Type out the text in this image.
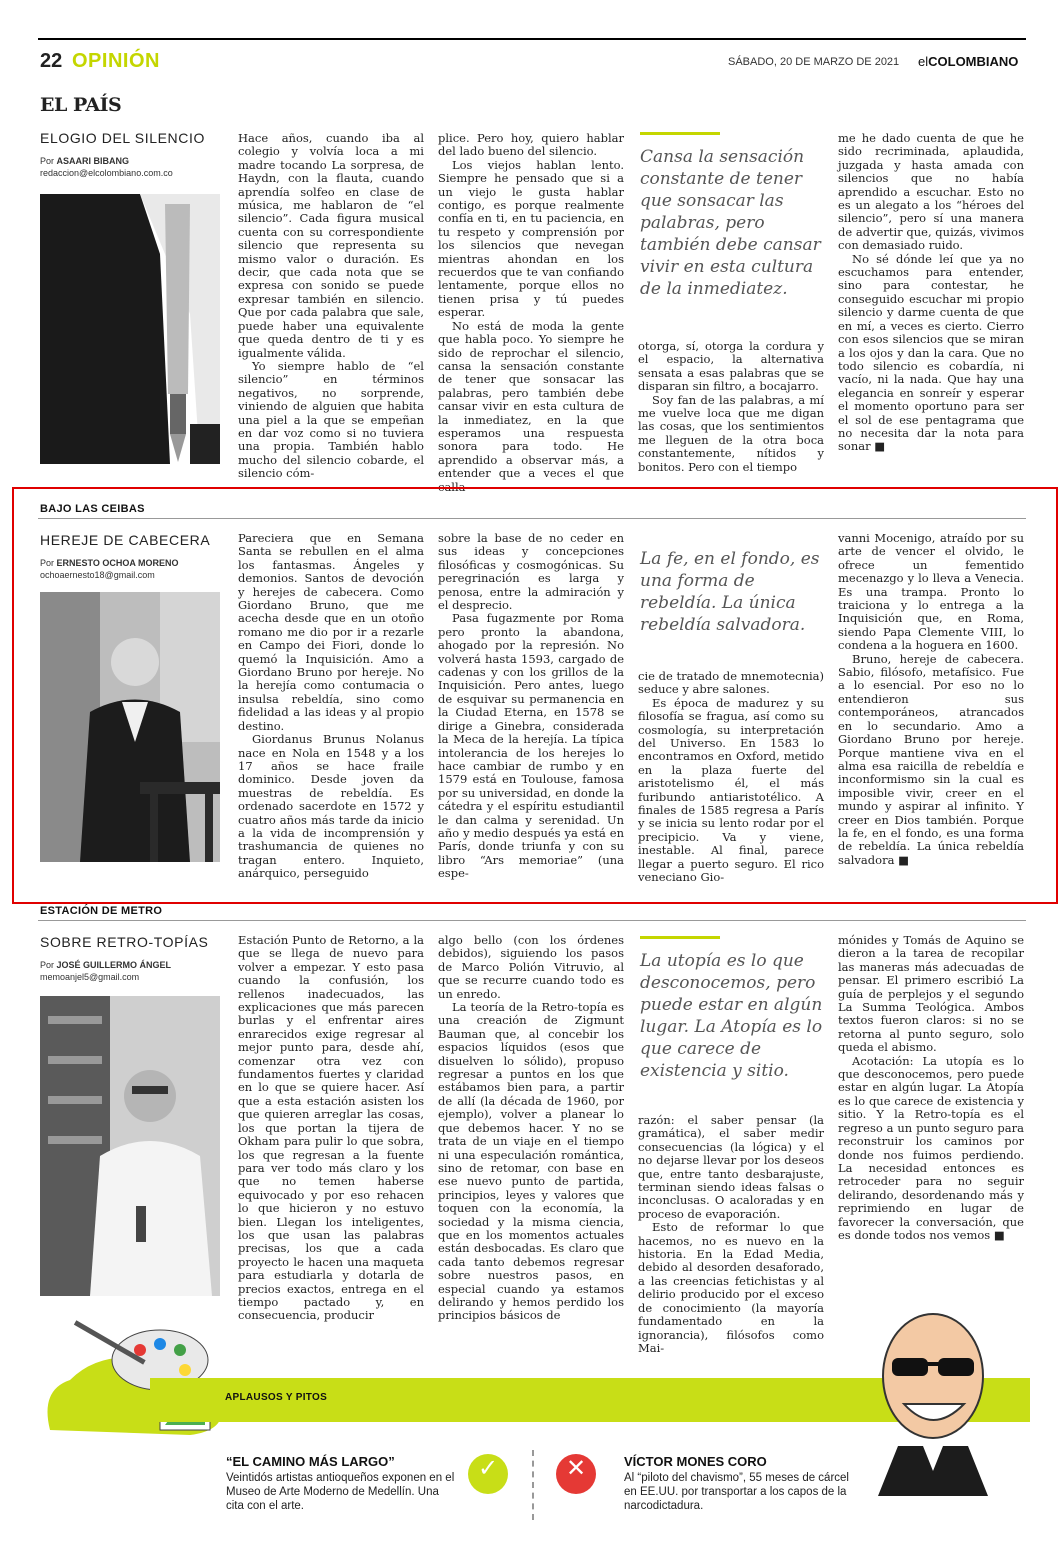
22 OPINIÓN	SÁBADO, 20 DE MARZO DE 2021 elCOLOMBIANO
EL PAÍS
ELOGIO DEL SILENCIO
Por ASAARI BIBANG
redaccion@elcolombiano.com.co

Hace años, cuando iba al colegio y volvía loca a mi madre tocando La sorpresa, de Haydn, con la flauta, cuando aprendía solfeo en clase de música, me hablaron de “el silencio”. Cada figura musical cuenta con su correspondiente silencio que representa su mismo valor o duración. Es decir, que cada nota que se expresa con sonido se puede expresar también en silencio. Que por cada palabra que sale, puede haber una equivalente que queda dentro de ti y es igualmente válida.

Yo siempre hablo de “el silencio” en términos negativos, no sorprende, viniendo de alguien que habita una piel a la que se empeñan en dar voz como si no tuviera una propia. También hablo mucho del silencio cobarde, el silencio cóm-

plice. Pero hoy, quiero hablar del lado bueno del silencio.

Los viejos hablan lento. Siempre he pensado que si a un viejo le gusta hablar contigo, es porque realmente confía en ti, en tu paciencia, en tu respeto y comprensión por los silencios que nevegan mientras ahondan en los recuerdos que te van confiando lentamente, porque ellos no tienen prisa y tú puedes esperar.

No está de moda la gente que habla poco. Yo siempre he sido de reprochar el silencio, cansa la sensación constante de tener que sonsacar las palabras, pero también debe cansar vivir en esta cultura de la inmediatez, en la que esperamos una respuesta sonora para todo. He aprendido a observar más, a entender que a veces el que calla

Cansa la sensación constante de tener que sonsacar las palabras, pero también debe cansar vivir en esta cultura de la inmediatez.

otorga, sí, otorga la cordura y el espacio, la alternativa sensata a esas palabras que se disparan sin filtro, a bocajarro.

Soy fan de las palabras, a mí me vuelve loca que me digan las cosas, que los sentimientos me lleguen de la otra boca constantemente, nítidos y bonitos. Pero con el tiempo

me he dado cuenta de que he sido recriminada, aplaudida, juzgada y hasta amada con silencios que no había aprendido a escuchar. Esto no es un alegato a los “héroes del silencio”, pero sí una manera de advertir que, quizás, vivimos con demasiado ruido.

No sé dónde leí que ya no escuchamos para entender, sino para contestar, he conseguido escuchar mi propio silencio y darme cuenta de que en mí, a veces es cierto. Cierro con esos silencios que se miran a los ojos y dan la cara. Que no todo silencio es cobardía, ni vacío, ni la nada. Que hay una elegancia en sonreír y esperar el momento oportuno para ser el sol de ese pentagrama que no necesita dar la nota para sonar ■

BAJO LAS CEIBAS
HEREJE DE CABECERA
Por ERNESTO OCHOA MORENO
ochoaernesto18@gmail.com

Pareciera que en Semana Santa se rebullen en el alma los fantasmas. Ángeles y demonios. Santos de devoción y herejes de cabecera. Como Giordano Bruno, que me acecha desde que en un otoño romano me dio por ir a rezarle en Campo dei Fiori, donde lo quemó la Inquisición. Amo a Giordano Bruno por hereje. No la herejía como contumacia o insulsa rebeldía, sino como fidelidad a las ideas y al propio destino.

Giordanus Brunus Nolanus nace en Nola en 1548 y a los 17 años se hace fraile dominico. Desde joven da muestras de rebeldía. Es ordenado sacerdote en 1572 y cuatro años más tarde da inicio a la vida de incomprensión y trashumancia de quienes no tragan entero. Inquieto, anárquico, perseguido

sobre la base de no ceder en sus ideas y concepciones filosóficas y cosmogónicas. Su peregrinación es larga y penosa, entre la admiración y el desprecio.

Pasa fugazmente por Roma pero pronto la abandona, ahogado por la represión. No volverá hasta 1593, cargado de cadenas y con los grillos de la Inquisición. Pero antes, luego de esquivar su permanencia en la Ciudad Eterna, en 1578 se dirige a Ginebra, considerada la Meca de la herejía. La típica intolerancia de los herejes lo hace cambiar de rumbo y en 1579 está en Toulouse, famosa por su universidad, en donde la cátedra y el espíritu estudiantil le dan calma y serenidad. Un año y medio después ya está en París, donde triunfa y con su libro “Ars memoriae” (una espe-

La fe, en el fondo, es una forma de rebeldía. La única rebeldía salvadora.

cie de tratado de mnemotecnia) seduce y abre salones.

Es época de madurez y su filosofía se fragua, así como su cosmología, su interpretación del Universo. En 1583 lo encontramos en Oxford, metido en la plaza fuerte del aristotelismo él, el más furibundo antiaristotélico. A finales de 1585 regresa a París y se inicia su lento rodar por el precipicio. Va y viene, inestable. Al final, parece llegar a puerto seguro. El rico veneciano Gio-

vanni Mocenigo, atraído por su arte de vencer el olvido, le ofrece un fementido mecenazgo y lo lleva a Venecia. Es una trampa. Pronto lo traiciona y lo entrega a la Inquisición que, en Roma, siendo Papa Clemente VIII, lo condena a la hoguera en 1600.

Bruno, hereje de cabecera. Sabio, filósofo, metafísico. Fue a lo esencial. Por eso no lo entendieron sus contemporáneos, atrancados en lo secundario. Amo a Giordano Bruno por hereje. Porque mantiene viva en el alma esa raicilla de rebeldía e inconformismo sin la cual es imposible vivir, creer en el mundo y aspirar al infinito. Y creer en Dios también. Porque la fe, en el fondo, es una forma de rebeldía. La única rebeldía salvadora ■

ESTACIÓN DE METRO
SOBRE RETRO-TOPÍAS
Por JOSÉ GUILLERMO ÁNGEL
memoanjel5@gmail.com

Estación Punto de Retorno, a la que se llega de nuevo para volver a empezar. Y esto pasa cuando la confusión, los rellenos inadecuados, las explicaciones que más parecen burlas y el enfrentar aires enrarecidos exige regresar al mejor punto para, desde ahí, comenzar otra vez con fundamentos fuertes y claridad en lo que se quiere hacer. Así que a esta estación asisten los que quieren arreglar las cosas, los que portan la tijera de Okham para pulir lo que sobra, los que regresan a la fuente para ver todo más claro y los que no temen haberse equivocado y por eso rehacen lo que hicieron y no estuvo bien. Llegan los inteligentes, los que usan las palabras precisas, los que a cada proyecto le hacen una maqueta para estudiarla y dotarla de precios exactos, entrega en el tiempo pactado y, en consecuencia, producir

algo bello (con los órdenes debidos), siguiendo los pasos de Marco Polión Vitruvio, al que se recurre cuando todo es un enredo.

La teoría de la Retro-topía es una creación de Zigmunt Bauman que, al concebir los espacios líquidos (esos que disuelven lo sólido), propuso regresar a puntos en los que estábamos bien para, a partir de allí (la década de 1960, por ejemplo), volver a planear lo que debemos hacer. Y no se trata de un viaje en el tiempo ni una especulación romántica, sino de retomar, con base en ese nuevo punto de partida, principios, leyes y valores que toquen con la economía, la sociedad y la misma ciencia, que en los momentos actuales están desbocadas. Es claro que cada tanto debemos regresar sobre nuestros pasos, en especial cuando ya estamos delirando y hemos perdido los principios básicos de

La utopía es lo que desconocemos, pero puede estar en algún lugar. La Atopía es lo que carece de existencia y sitio.

razón: el saber pensar (la gramática), el saber medir consecuencias (la lógica) y el no dejarse llevar por los deseos que, entre tanto desbarajuste, terminan siendo ideas falsas o inconclusas. O acaloradas y en proceso de evaporación.

Esto de reformar lo que hacemos, no es nuevo en la historia. En la Edad Media, debido al desorden desaforado, a las creencias fetichistas y al delirio producido por el exceso de conocimiento (la mayoría fundamentado en la ignorancia), filósofos como Mai-

mónides y Tomás de Aquino se dieron a la tarea de recopilar las maneras más adecuadas de pensar. El primero escribió La guía de perplejos y el segundo La Summa Teológica. Ambos textos fueron claros: si no se retorna al punto seguro, solo queda el abismo.

Acotación: La utopía es lo que desconocemos, pero puede estar en algún lugar. La Atopía es lo que carece de existencia y sitio. Y la Retro-topía es el regreso a un punto seguro para reconstruir los caminos por donde nos fuimos perdiendo. La necesidad entonces es retroceder para no seguir delirando, desordenando más y reprimiendo en lugar de favorecer la conversación, que es donde todos nos vemos ■

APLAUSOS Y PITOS
“EL CAMINO MÁS LARGO”
Veintidós artistas antioqueños exponen en el Museo de Arte Moderno de Medellín. Una cita con el arte.
✓	✕	VÍCTOR MONES CORO
Al “piloto del chavismo”, 55 meses de cárcel en EE.UU. por transportar a los capos de la narcodictadura.
